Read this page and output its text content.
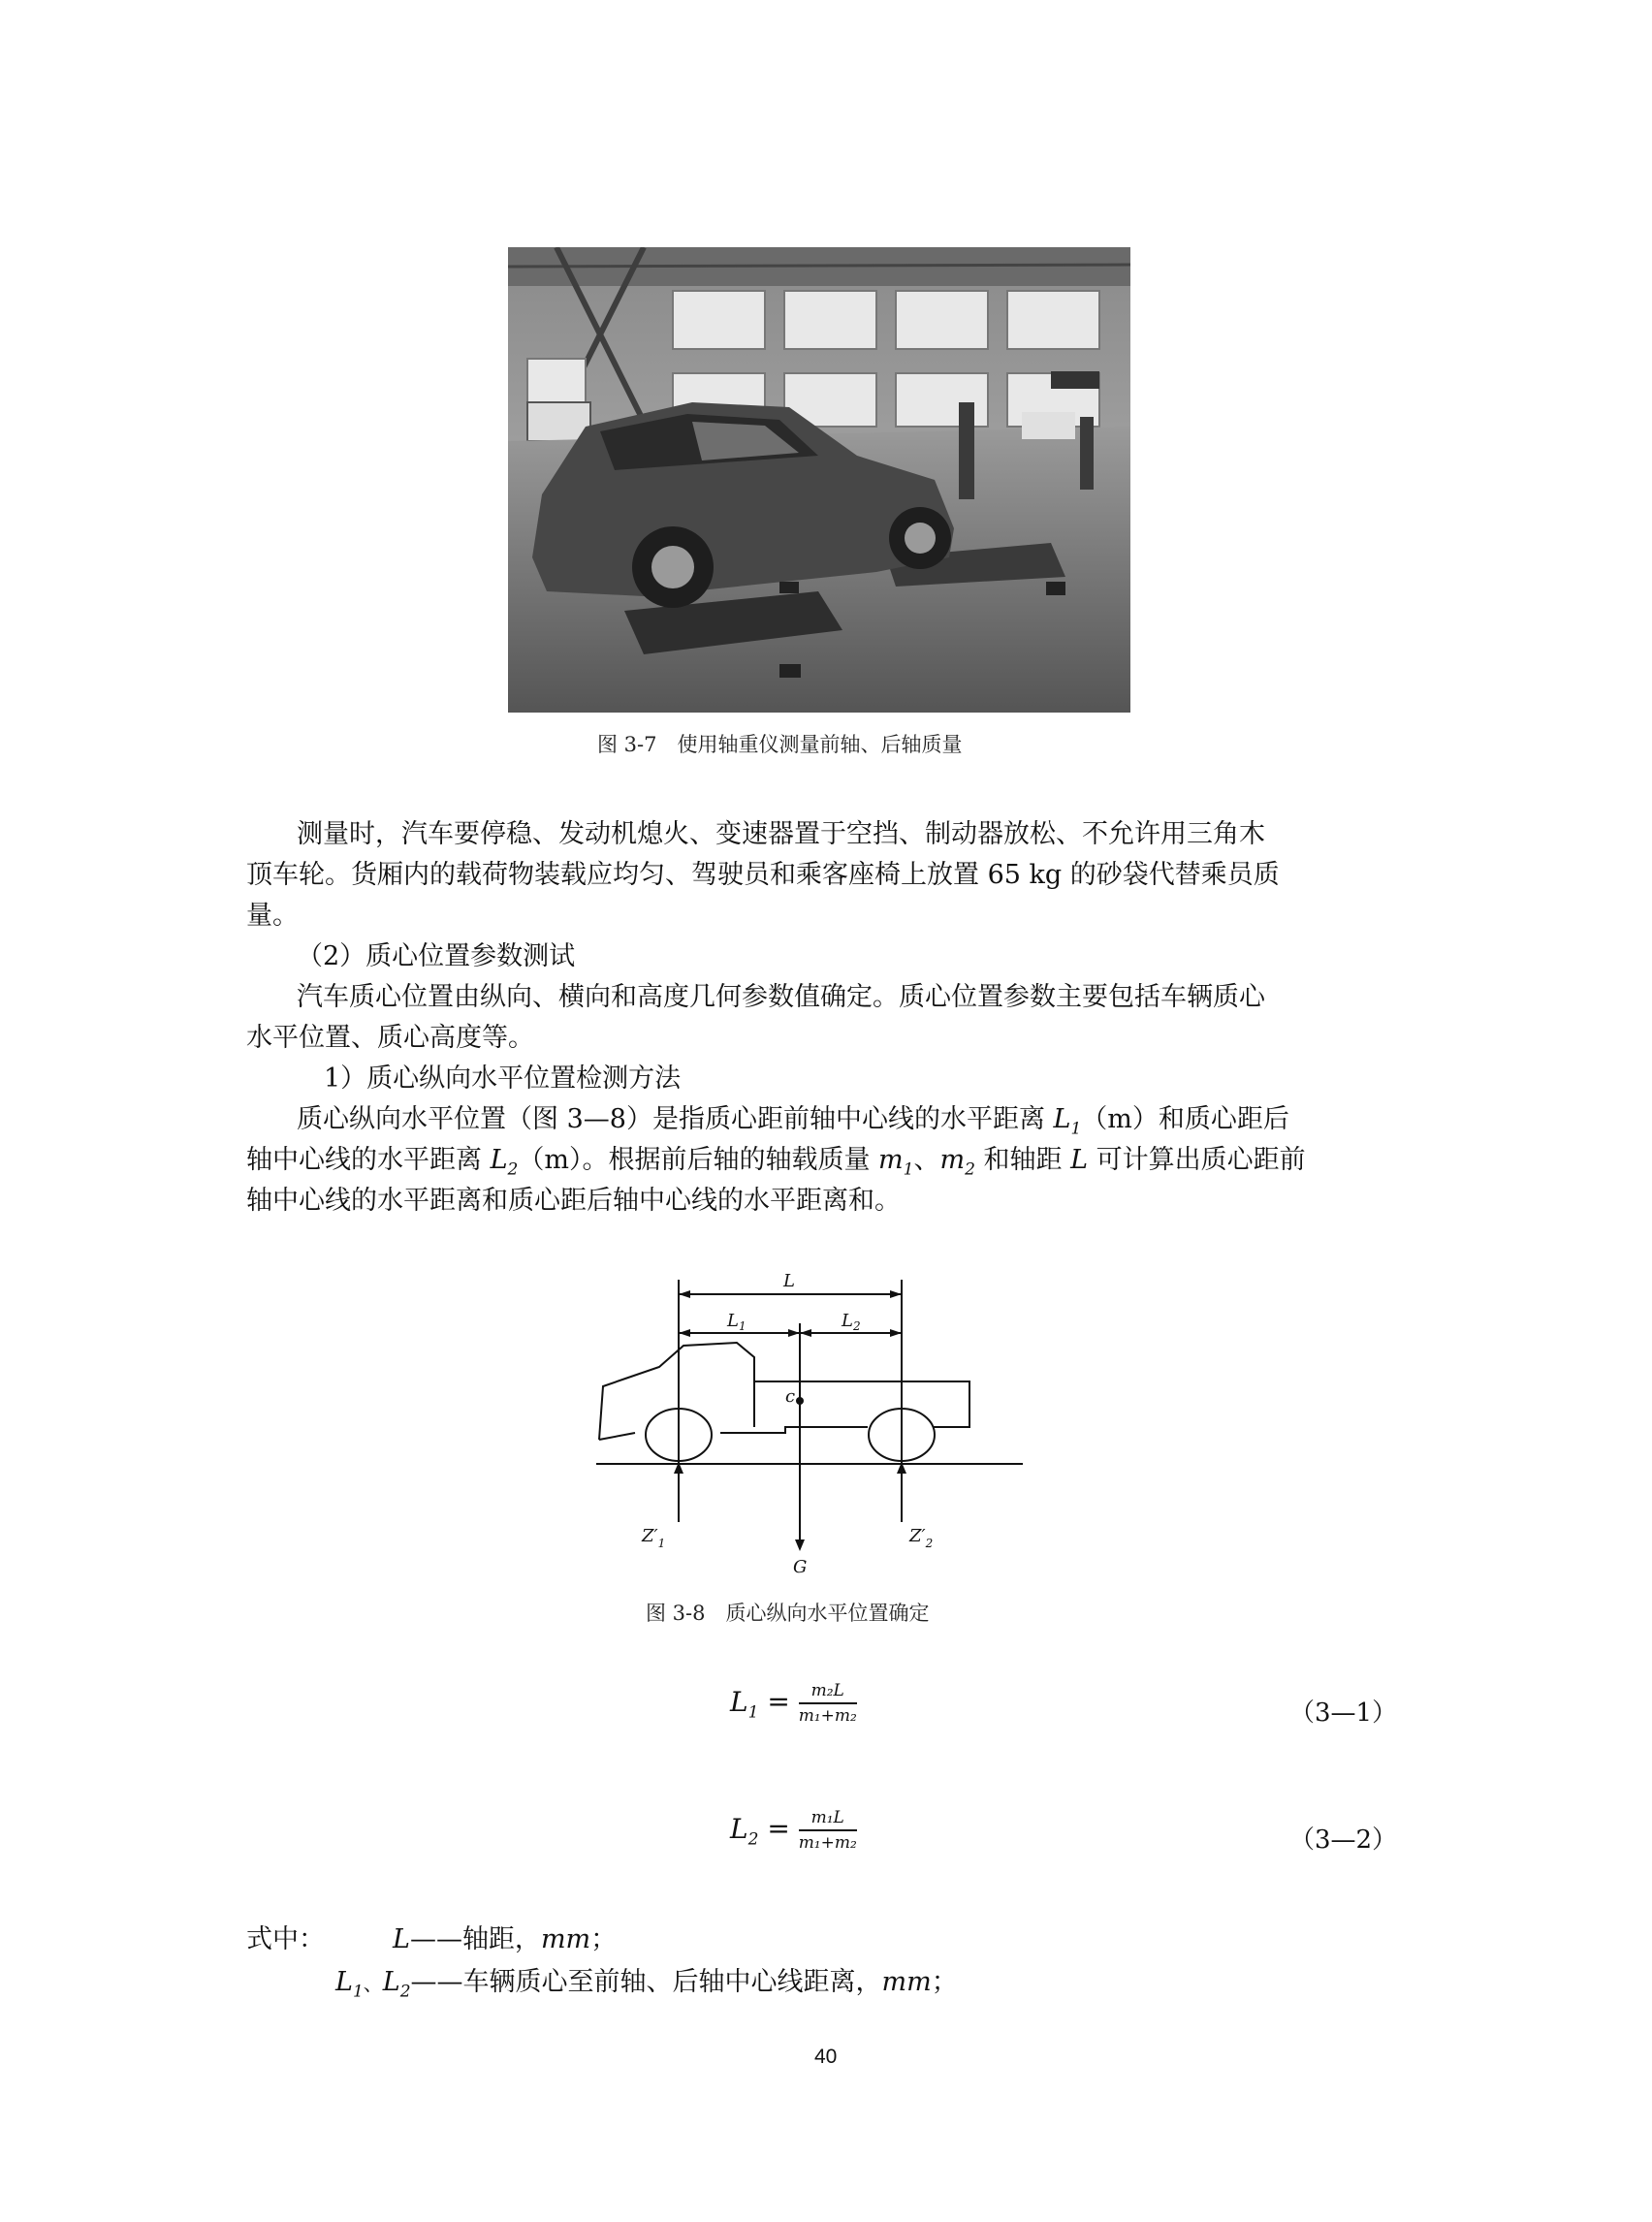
图 3-7　使用轴重仪测量前轴、后轴质量
测量时，汽车要停稳、发动机熄火、变速器置于空挡、制动器放松、不允许用三角木
顶车轮。货厢内的载荷物装载应均匀、驾驶员和乘客座椅上放置 65 kg 的砂袋代替乘员质
量。
（2）质心位置参数测试
汽车质心位置由纵向、横向和高度几何参数值确定。质心位置参数主要包括车辆质心
水平位置、质心高度等。
1）质心纵向水平位置检测方法
质心纵向水平位置（图 3—8）是指质心距前轴中心线的水平距离 $L_1(m)$和质心距后
轴中心线的水平距离 $L_2(m)$。根据前后轴的轴载质量 $m_1$、$m_2$ 和轴距 L 可计算出质心距前
轴中心线的水平距离和质心距后轴中心线的水平距离和。
L
$L_1$	$L_2$
c
G
$Z'_1$	$Z'_2$
图 3-8　质心纵向水平位置确定
$L_1 = \frac{\text{m₂L}}{\text{m₁+m₂}}$	（3—1）
$L_2 = \frac{\text{m₁L}}{\text{m₁+m₂}}$	（3—2）
式中：	L——轴距，mm；
$L_1$、$L_2——$车辆质心至前轴、后轴中心线距离，mm；
40
